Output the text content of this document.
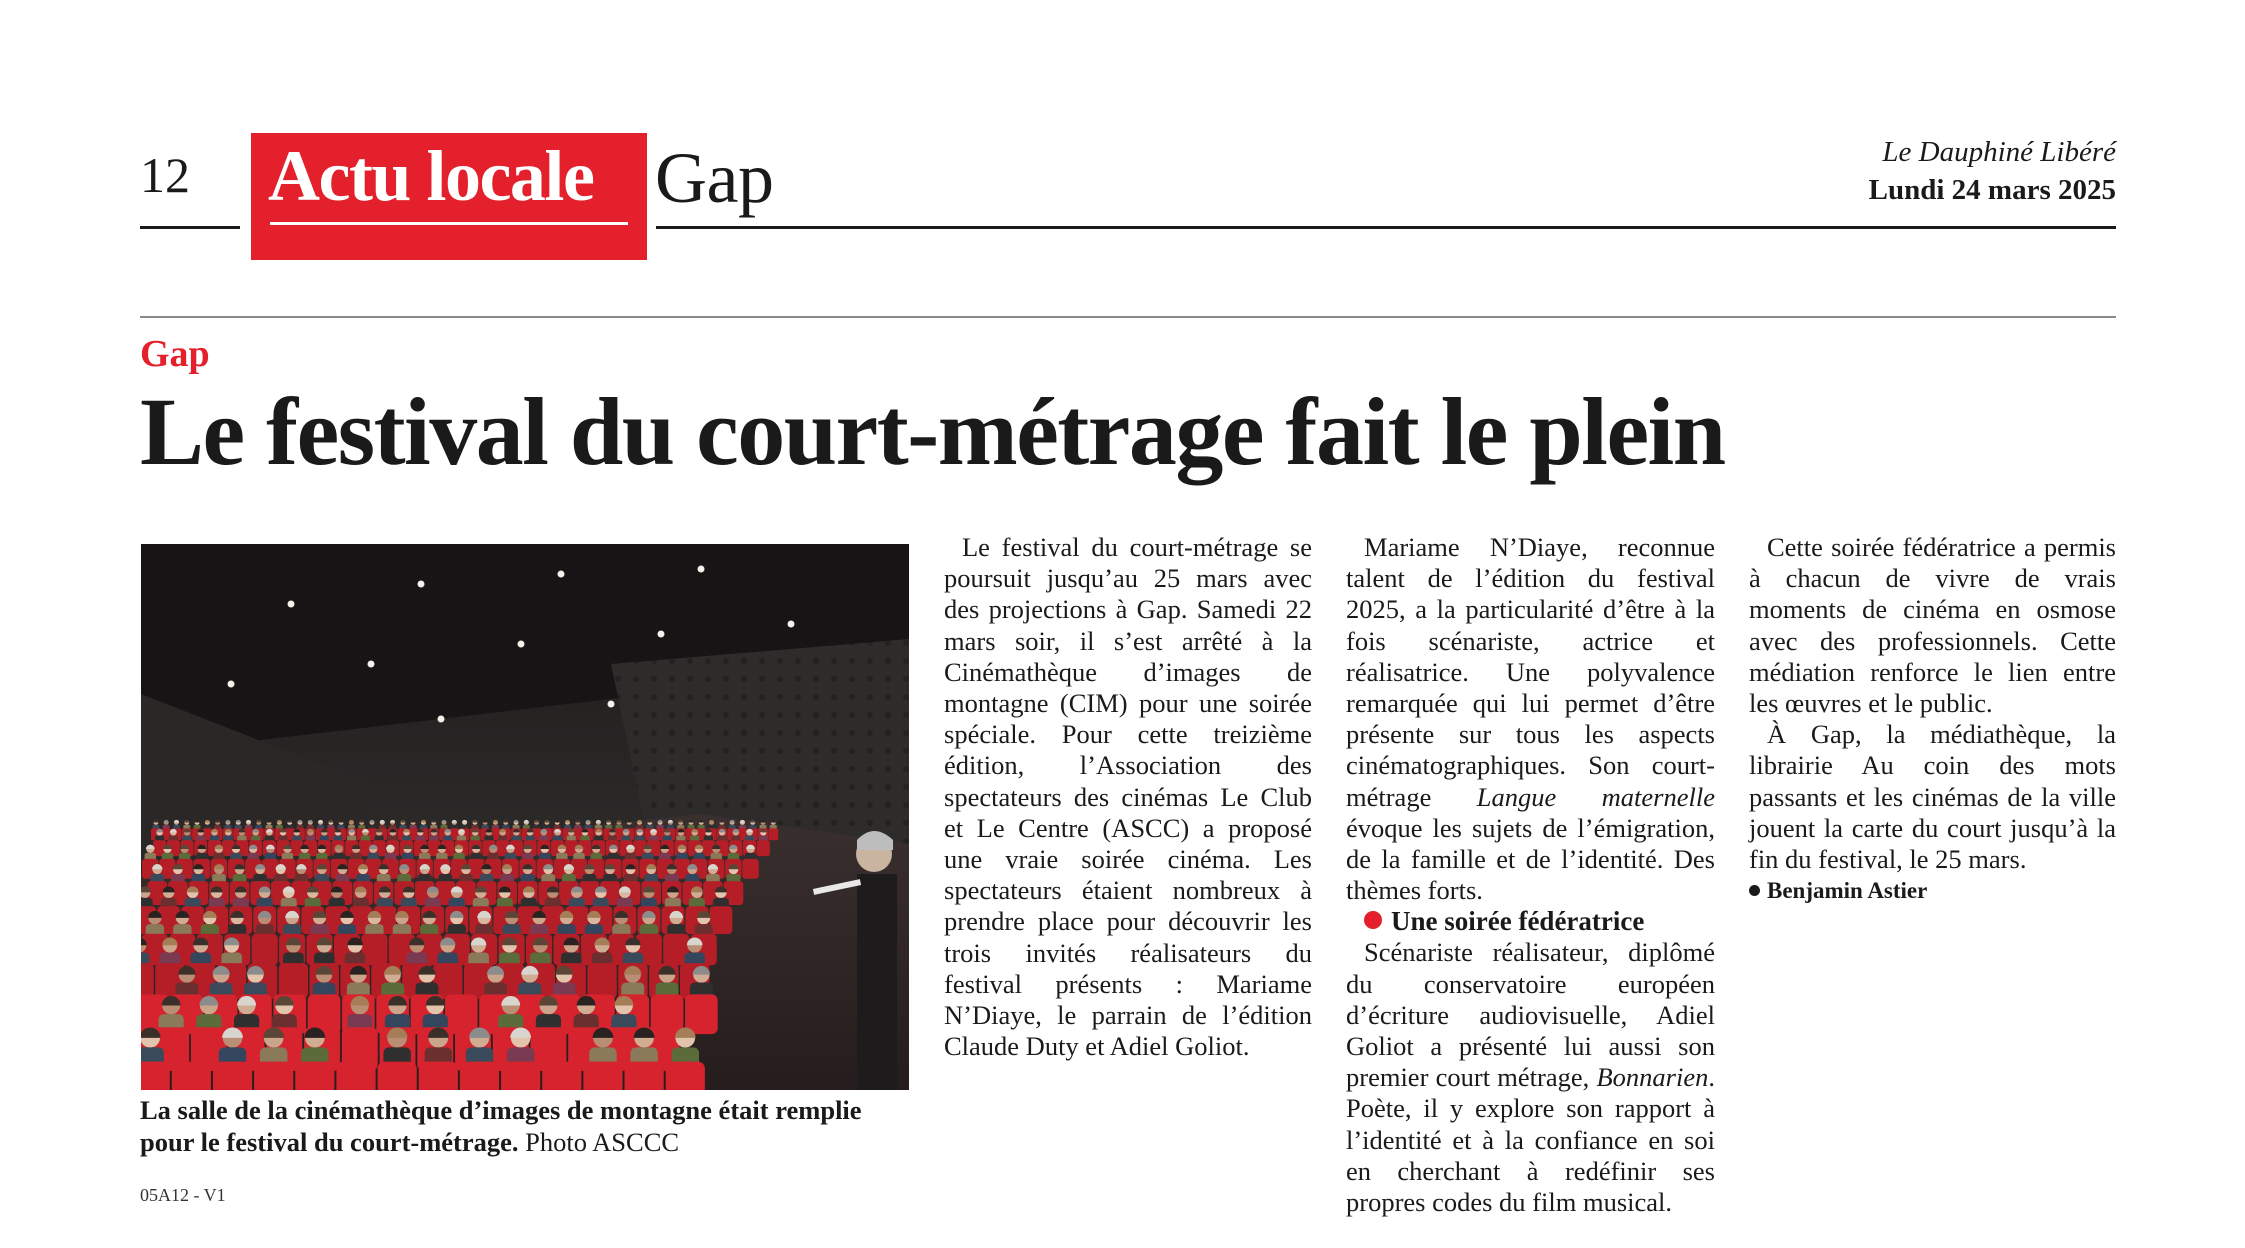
12 Actu locale Gap	Le Dauphiné Libéré
Lundi 24 mars 2025
Gap
Le festival du court-métrage fait le plein
La salle de la cinémathèque d’images de montagne était remplie pour le festival du court-métrage. Photo ASCCC

Le festival du court-métrage se poursuit jusqu’au 25 mars avec des projections à Gap. Samedi 22 mars soir, il s’est arrêté à la Cinémathèque d’images de montagne (CIM) pour une soirée spéciale. Pour cette treizième édition, l’Association des spectateurs des cinémas Le Club et Le Centre (ASCC) a proposé une vraie soirée cinéma. Les spectateurs étaient nombreux à prendre place pour découvrir les trois invités réalisateurs du festival présents : Mariame N’Diaye, le parrain de l’édition Claude Duty et Adiel Goliot.

Mariame N’Diaye, reconnue talent de l’édition du festival 2025, a la particularité d’être à la fois scénariste, actrice et réalisatrice. Une polyvalence remarquée qui lui permet d’être présente sur tous les aspects cinématographiques. Son court-métrage Langue maternelle évoque les sujets de l’émigration, de la famille et de l’identité. Des thèmes forts.

Une soirée fédératrice

Scénariste réalisateur, diplômé du conservatoire européen d’écriture audiovisuelle, Adiel Goliot a présenté lui aussi son premier court métrage, Bonnarien. Poète, il y explore son rapport à l’identité et à la confiance en soi en cherchant à redéfinir ses propres codes du film musical.

Cette soirée fédératrice a permis à chacun de vivre de vrais moments de cinéma en osmose avec des professionnels. Cette médiation renforce le lien entre les œuvres et le public.

À Gap, la médiathèque, la librairie Au coin des mots passants et les cinémas de la ville jouent la carte du court jusqu’à la fin du festival, le 25 mars.

Benjamin Astier

05A12 - V1
